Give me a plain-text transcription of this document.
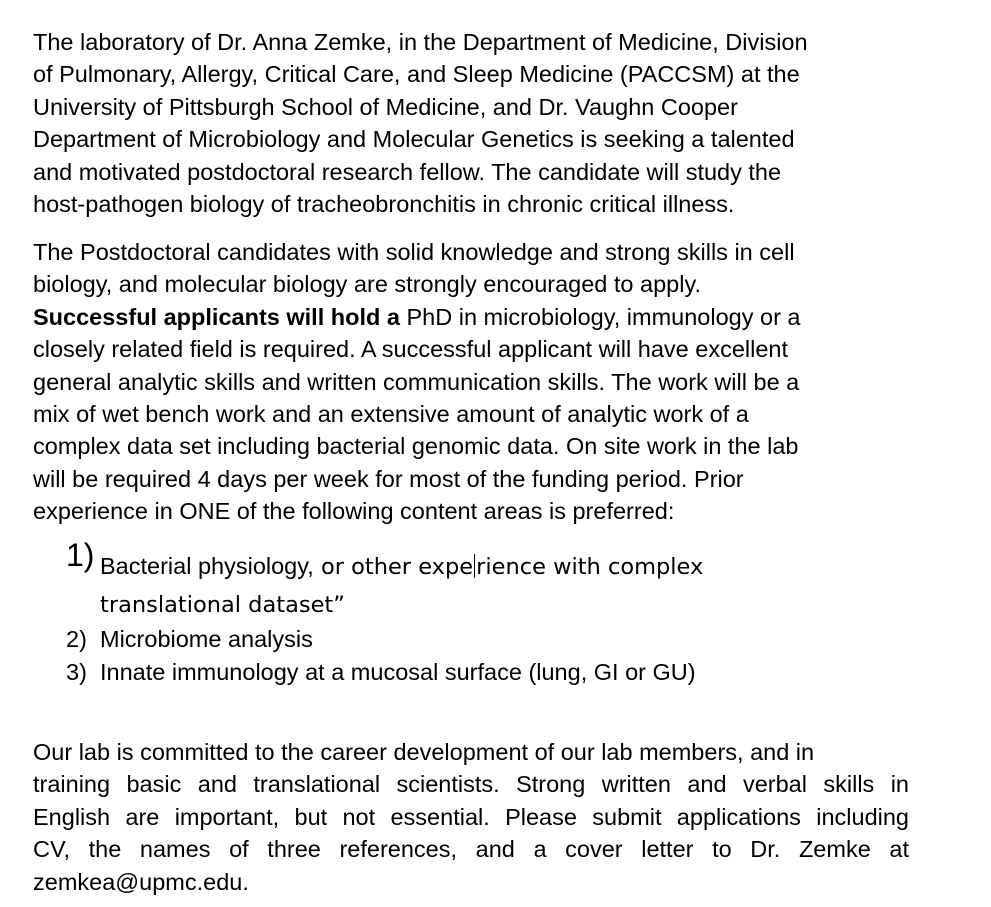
The laboratory of Dr. Anna Zemke, in the Department of Medicine, Division
of Pulmonary, Allergy, Critical Care, and Sleep Medicine (PACCSM) at the
University of Pittsburgh School of Medicine, and Dr. Vaughn Cooper
Department of Microbiology and Molecular Genetics is seeking a talented
and motivated postdoctoral research fellow. The candidate will study the
host-pathogen biology of tracheobronchitis in chronic critical illness.

The Postdoctoral candidates with solid knowledge and strong skills in cell
biology, and molecular biology are strongly encouraged to apply.
Successful applicants will hold a PhD in microbiology, immunology or a
closely related field is required. A successful applicant will have excellent
general analytic skills and written communication skills. The work will be a
mix of wet bench work and an extensive amount of analytic work of a
complex data set including bacterial genomic data. On site work in the lab
will be required 4 days per week for most of the funding period. Prior
experience in ONE of the following content areas is preferred:

1) Bacterial physiology, or other expe rience with complex
translational dataset”
2) Microbiome analysis
3) Innate immunology at a mucosal surface (lung, GI or GU)

Our lab is committed to the career development of our lab members, and in
training basic and translational scientists. Strong written and verbal skills in
English are important, but not essential. Please submit applications including
CV, the names of three references, and a cover letter to Dr. Zemke at
zemkea@upmc.edu.
